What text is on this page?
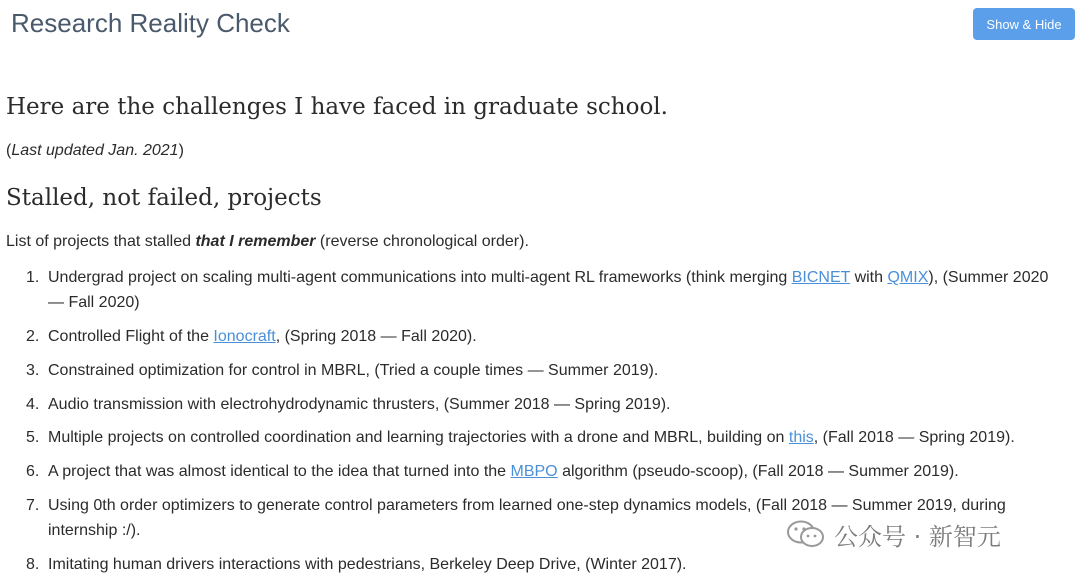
Research Reality Check	Show & Hide
Here are the challenges I have faced in graduate school.

(Last updated Jan. 2021)

Stalled, not failed, projects

List of projects that stalled that I remember (reverse chronological order).

1. Undergrad project on scaling multi-agent communications into multi-agent RL frameworks (think merging BICNET with QMIX), (Summer 2020 — Fall 2020)
2. Controlled Flight of the Ionocraft, (Spring 2018 — Fall 2020).
3. Constrained optimization for control in MBRL, (Tried a couple times — Summer 2019).
4. Audio transmission with electrohydrodynamic thrusters, (Summer 2018 — Spring 2019).
5. Multiple projects on controlled coordination and learning trajectories with a drone and MBRL, building on this, (Fall 2018 — Spring 2019).
6. A project that was almost identical to the idea that turned into the MBPO algorithm (pseudo-scoop), (Fall 2018 — Summer 2019).
7. Using 0th order optimizers to generate control parameters from learned one-step dynamics models, (Fall 2018 — Summer 2019, during internship :/).
8. Imitating human drivers interactions with pedestrians, Berkeley Deep Drive, (Winter 2017).
公众号 · 新智元
